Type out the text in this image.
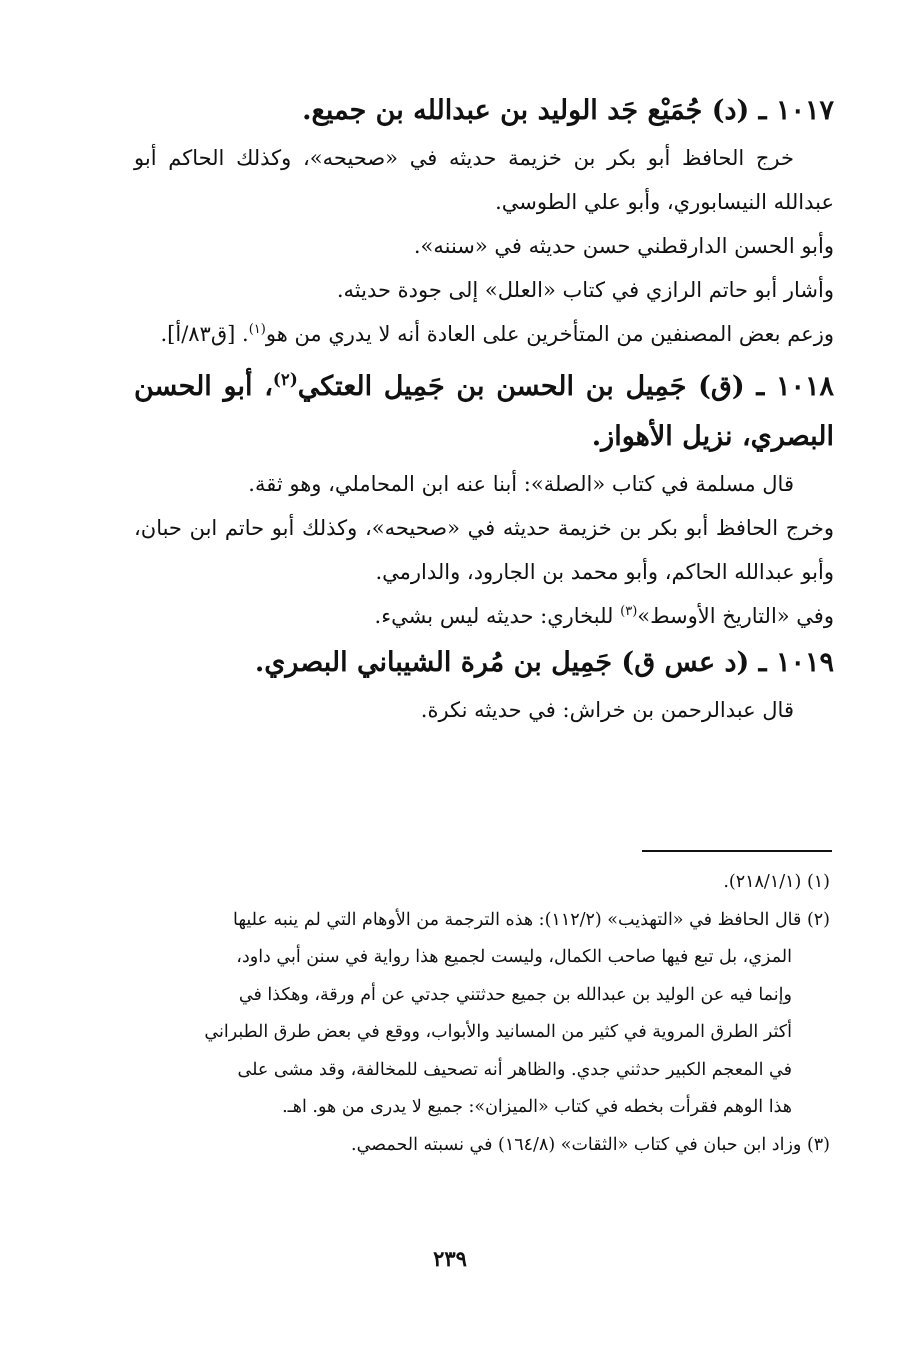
١٠١٧ ـ (د) جُمَيْع جَد الوليد بن عبدالله بن جميع.

خرج الحافظ أبو بكر بن خزيمة حديثه في «صحيحه»، وكذلك الحاكم أبو عبدالله النيسابوري، وأبو علي الطوسي.

وأبو الحسن الدارقطني حسن حديثه في «سننه».

وأشار أبو حاتم الرازي في كتاب «العلل» إلى جودة حديثه.

وزعم بعض المصنفين من المتأخرين على العادة أنه لا يدري من هو$^{(١)}$. [ق٨٣/أ].

١٠١٨ ـ (ق) جَمِيل بن الحسن بن جَمِيل العتكي$^{(٢)}$، أبو الحسن البصري، نزيل الأهواز.

قال مسلمة في كتاب «الصلة»: أبنا عنه ابن المحاملي، وهو ثقة.

وخرج الحافظ أبو بكر بن خزيمة حديثه في «صحيحه»، وكذلك أبو حاتم ابن حبان، وأبو عبدالله الحاكم، وأبو محمد بن الجارود، والدارمي.

وفي «التاريخ الأوسط»$^{(٣)}$ للبخاري: حديثه ليس بشيء.

١٠١٩ ـ (د عس ق) جَمِيل بن مُرة الشيباني البصري.

قال عبدالرحمن بن خراش: في حديثه نكرة.

(١) (٢١٨/١/١).

(٢) قال الحافظ في «التهذيب» (١١٢/٢): هذه الترجمة من الأوهام التي لم ينبه عليها

المزي، بل تبع فيها صاحب الكمال، وليست لجميع هذا رواية في سنن أبي داود،

وإنما فيه عن الوليد بن عبدالله بن جميع حدثتني جدتي عن أم ورقة، وهكذا في

أكثر الطرق المروية في كثير من المسانيد والأبواب، ووقع في بعض طرق الطبراني

في المعجم الكبير حدثني جدي. والظاهر أنه تصحيف للمخالفة، وقد مشى على

هذا الوهم فقرأت بخطه في كتاب «الميزان»: جميع لا يدرى من هو. اهـ.

(٣) وزاد ابن حبان في كتاب «الثقات» (١٦٤/٨) في نسبته الحمصي.

٢٣٩
